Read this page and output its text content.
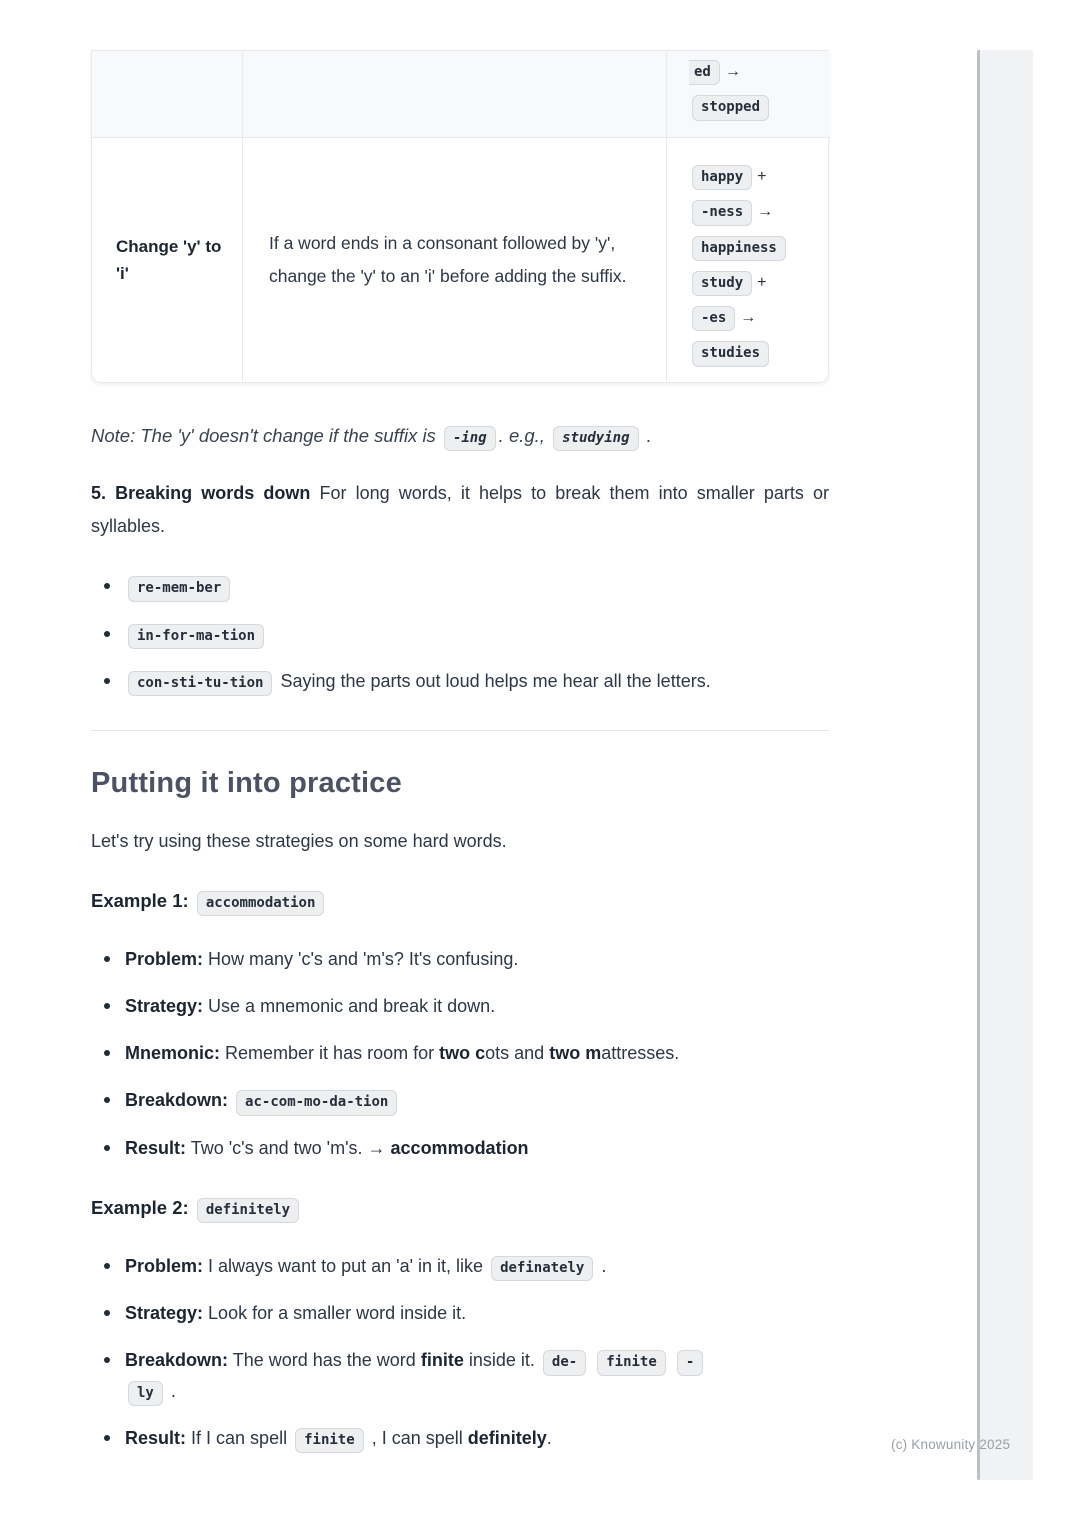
(c) Knowunity 2025
ed →
stopped
Change 'y' to 'i'
If a word ends in a consonant followed by 'y', change the 'y' to an 'i' before adding the suffix.
happy +
-ness →
happiness
study +
-es →
studies

Note: The 'y' doesn't change if the suffix is -ing . e.g., studying .

5. Breaking words down For long words, it helps to break them into smaller parts or syllables.

re-mem-ber
in-for-ma-tion
con-sti-tu-tion Saying the parts out loud helps me hear all the letters.
Putting it into practice

Let's try using these strategies on some hard words.

Example 1: accommodation
Problem: How many 'c's and 'm's? It's confusing.
Strategy: Use a mnemonic and break it down.
Mnemonic: Remember it has room for two cots and two mattresses.
Breakdown: ac-com-mo-da-tion
Result: Two 'c's and two 'm's. → accommodation
Example 2: definitely
Problem: I always want to put an 'a' in it, like definately .
Strategy: Look for a smaller word inside it.
Breakdown: The word has the word finite inside it. de- finite -
ly .
Result: If I can spell finite , I can spell definitely.
